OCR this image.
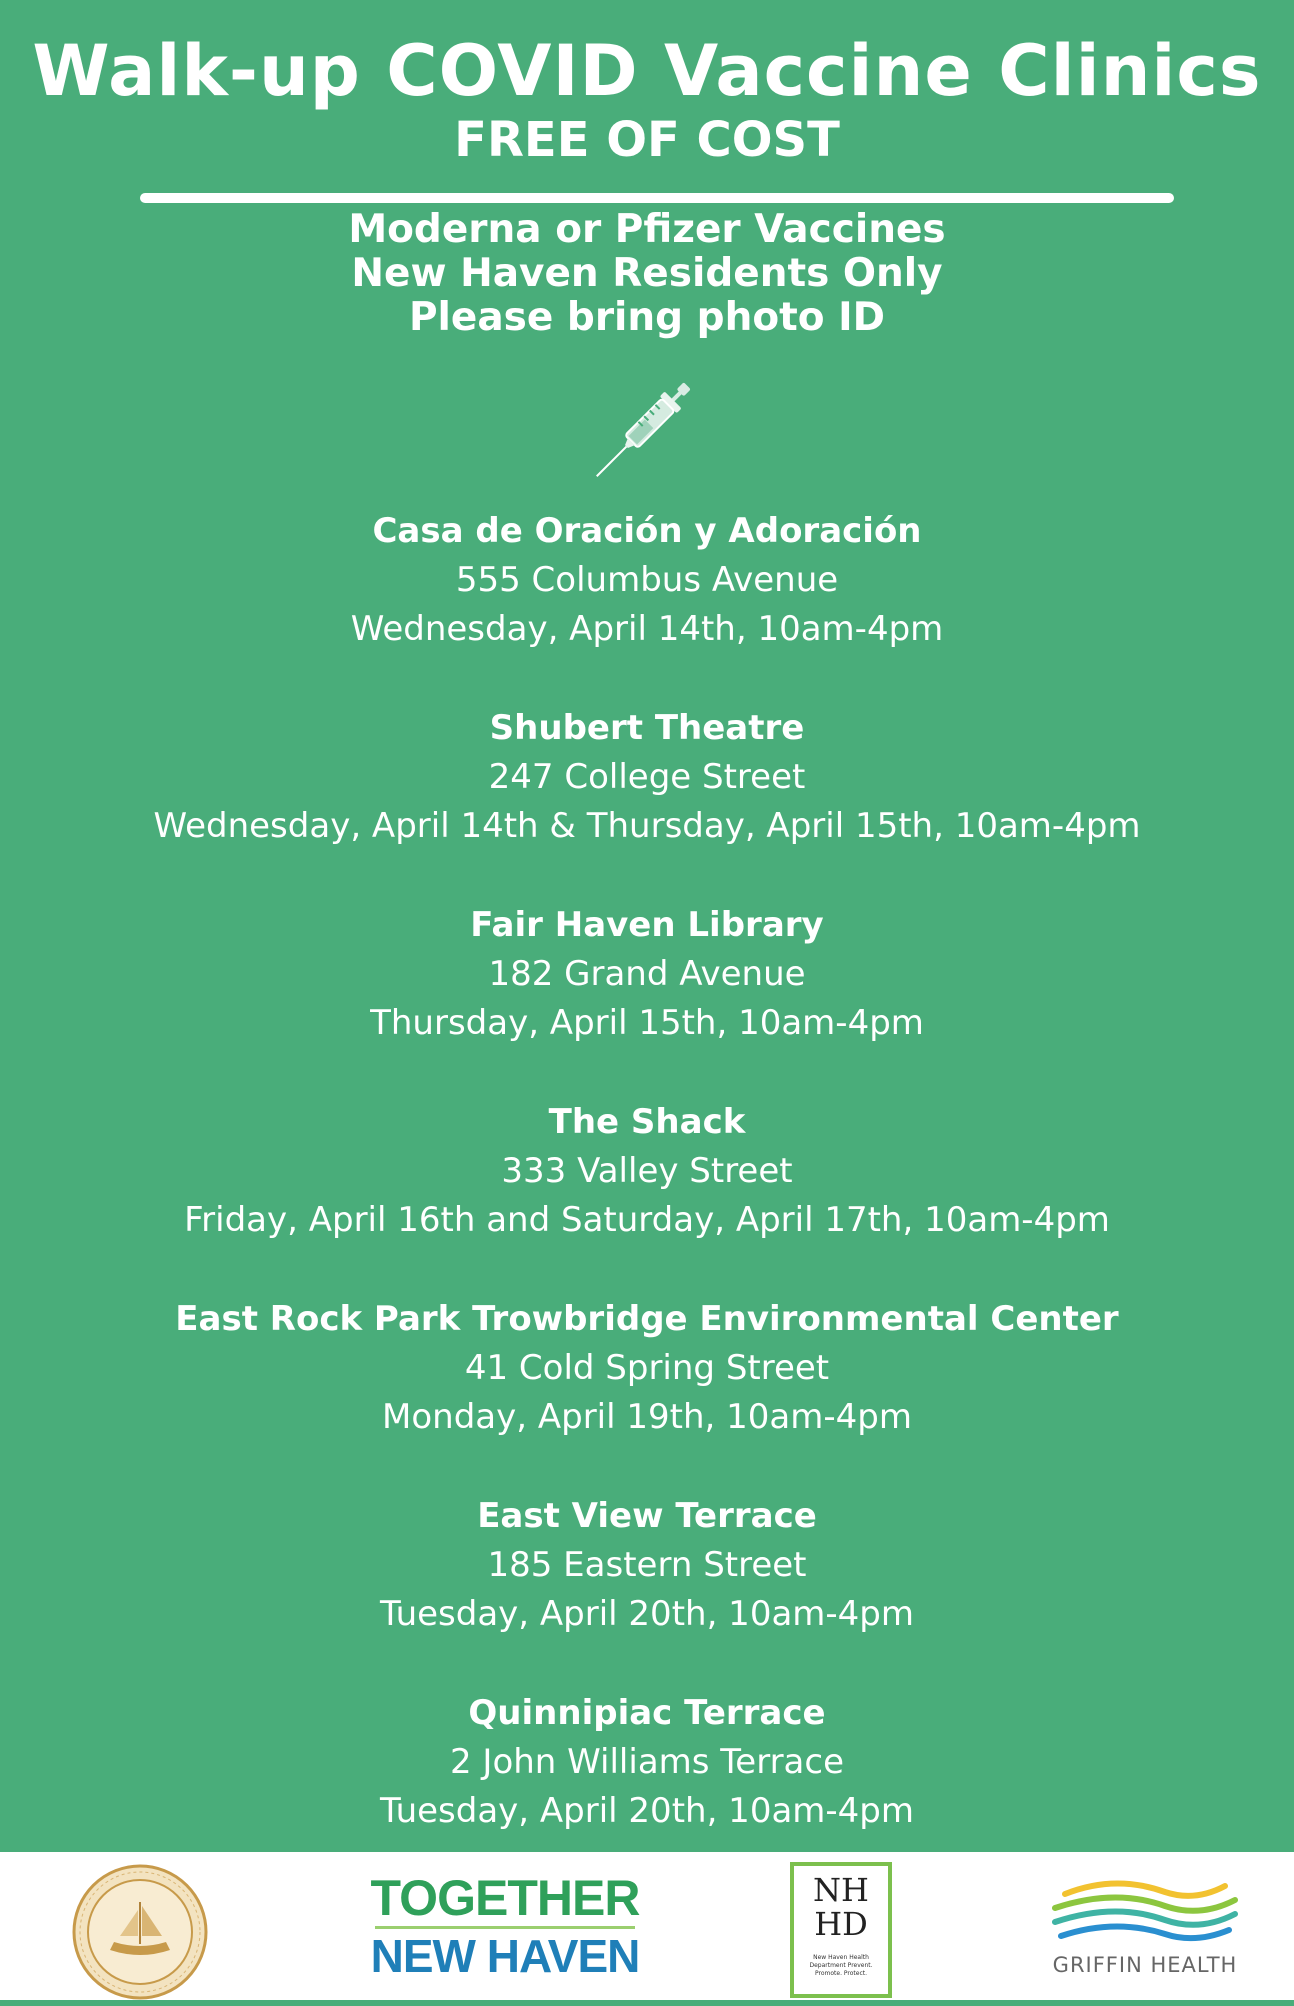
Walk-up COVID Vaccine Clinics
FREE OF COST
Moderna or Pfizer Vaccines
New Haven Residents Only
Please bring photo ID
Casa de Oración y Adoración
555 Columbus Avenue
Wednesday, April 14th, 10am-4pm
Shubert Theatre
247 College Street
Wednesday, April 14th & Thursday, April 15th, 10am-4pm
Fair Haven Library
182 Grand Avenue
Thursday, April 15th, 10am-4pm
The Shack
333 Valley Street
Friday, April 16th and Saturday, April 17th, 10am-4pm
East Rock Park Trowbridge Environmental Center
41 Cold Spring Street
Monday, April 19th, 10am-4pm
East View Terrace
185 Eastern Street
Tuesday, April 20th, 10am-4pm
Quinnipiac Terrace
2 John Williams Terrace
Tuesday, April 20th, 10am-4pm
TOGETHER
NEW HAVEN
NH
HD
New Haven Health Department Prevent. Promote. Protect.	GRIFFIN HEALTH
